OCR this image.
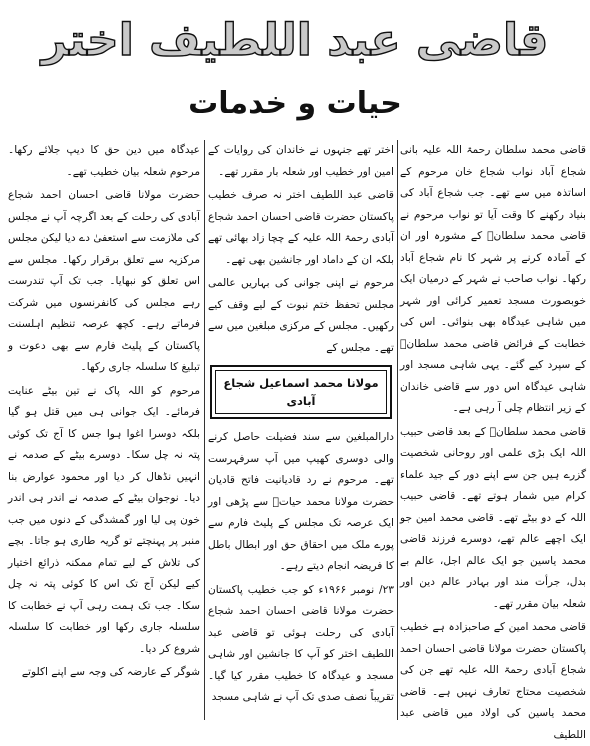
قاضی عبد اللطیف اختر
حیات و خدمات

قاضی محمد سلطان رحمۃ اللہ علیہ بانی شجاع آباد نواب شجاع خان مرحوم کے اساتذہ میں سے تھے۔ جب شجاع آباد کی بنیاد رکھنے کا وقت آیا تو نواب مرحوم نے قاضی محمد سلطانؒ کے مشورہ اور ان کے آمادہ کرنے پر شہر کا نام شجاع آباد رکھا۔ نواب صاحب نے شہر کے درمیان ایک خوبصورت مسجد تعمیر کرائی اور شہر میں شاہی عیدگاہ بھی بنوائی۔ اس کی خطابت کے فرائض قاضی محمد سلطانؒ کے سپرد کیے گئے۔ یہی شاہی مسجد اور شاہی عیدگاہ اس دور سے قاضی خاندان کے زیر انتظام چلی آ رہی ہے۔

قاضی محمد سلطانؒ کے بعد قاضی حبیب اللہ ایک بڑی علمی اور روحانی شخصیت گزرے ہیں جن سے اپنے دور کے جید علماء کرام میں شمار ہوتے تھے۔ قاضی حبیب اللہ کے دو بیٹے تھے۔ قاضی محمد امین جو ایک اچھے عالم تھے، دوسرے فرزند قاضی محمد یاسین جو ایک عالم اجل، عالم بے بدل، جرأت مند اور بہادر عالم دین اور شعلہ بیان مقرر تھے۔

قاضی محمد امین کے صاحبزادہ ہے خطیب پاکستان حضرت مولانا قاضی احسان احمد شجاع آبادی رحمۃ اللہ علیہ تھے جن کی شخصیت محتاج تعارف نہیں ہے۔ قاضی محمد یاسین کی اولاد میں قاضی عبد اللطیف

اختر تھے جنہوں نے خاندان کی روایات کے امین اور خطیب اور شعلہ بار مقرر تھے۔

قاضی عبد اللطیف اختر نہ صرف خطیب پاکستان حضرت قاضی احسان احمد شجاع آبادی رحمۃ اللہ علیہ کے چچا زاد بھائی تھے بلکہ ان کے داماد اور جانشین بھی تھے۔

مرحوم نے اپنی جوانی کی بہاریں عالمی مجلس تحفظ ختم نبوت کے لیے وقف کیے رکھیں۔ مجلس کے مرکزی مبلغین میں سے تھے۔ مجلس کے

مولانا محمد اسماعیل شجاع آبادی

دارالمبلغین سے سند فضیلت حاصل کرنے والی دوسری کھیپ میں آپ سرفہرست تھے۔ مرحوم نے رد قادیانیت فاتح قادیان حضرت مولانا محمد حیاتؒ سے پڑھی اور ایک عرصہ تک مجلس کے پلیٹ فارم سے پورے ملک میں احقاق حق اور ابطال باطل کا فریضہ انجام دیتے رہے۔

۲۳/ نومبر ۱۹۶۶ء کو جب خطیب پاکستان حضرت مولانا قاضی احسان احمد شجاع آبادی کی رحلت ہوئی تو قاضی عبد اللطیف اختر کو آپ کا جانشین اور شاہی مسجد و عیدگاہ کا خطیب مقرر کیا گیا۔ تقریباً نصف صدی تک آپ نے شاہی مسجد

عیدگاہ میں دین حق کا دیپ جلائے رکھا۔ مرحوم شعلہ بیان خطیب تھے۔

حضرت مولانا قاضی احسان احمد شجاع آبادی کی رحلت کے بعد اگرچہ آپ نے مجلس کی ملازمت سے استعفیٰ دے دیا لیکن مجلس مرکزیہ سے تعلق برقرار رکھا۔ مجلس سے اس تعلق کو نبھایا۔ جب تک آپ تندرست رہے مجلس کی کانفرنسوں میں شرکت فرماتے رہے۔ کچھ عرصہ تنظیم اہلسنت پاکستان کے پلیٹ فارم سے بھی دعوت و تبلیغ کا سلسلہ جاری رکھا۔

مرحوم کو اللہ پاک نے تین بیٹے عنایت فرمائے۔ ایک جوانی ہی میں قتل ہو گیا بلکہ دوسرا اغوا ہوا جس کا آج تک کوئی پتہ نہ چل سکا۔ دوسرے بیٹے کے صدمہ نے انہیں نڈھال کر دیا اور محمود عوارض بنا دیا۔ نوجوان بیٹے کے صدمہ نے اندر ہی اندر خون پی لیا اور گمشدگی کے دنوں میں جب منبر پر پہنچتے تو گریہ طاری ہو جاتا۔ بچے کی تلاش کے لیے تمام ممکنہ ذرائع اختیار کیے لیکن آج تک اس کا کوئی پتہ نہ چل سکا۔ جب تک ہمت رہی آپ نے خطابت کا سلسلہ جاری رکھا اور خطابت کا سلسلہ شروع کر دیا۔

شوگر کے عارضہ کی وجہ سے اپنے اکلوتے
